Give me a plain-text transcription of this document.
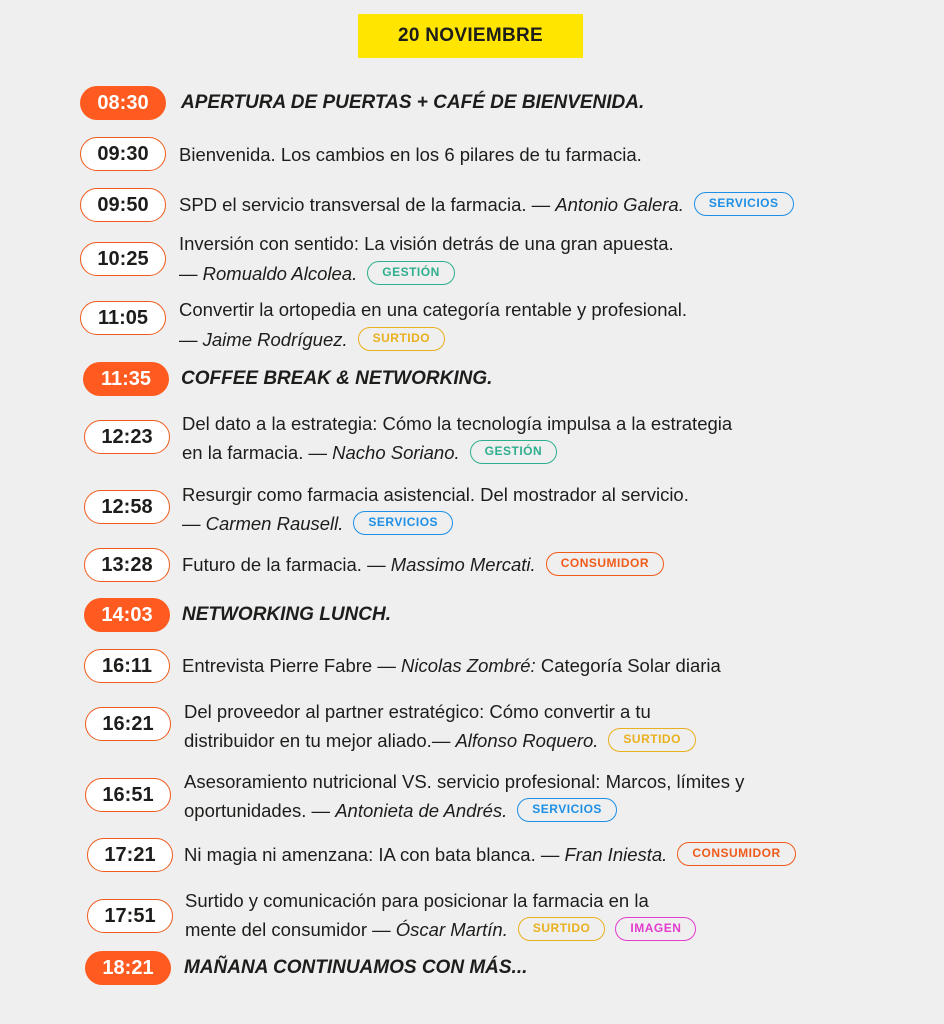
20 NOVIEMBRE
08:30	APERTURA DE PUERTAS + CAFÉ DE BIENVENIDA.
09:30	Bienvenida. Los cambios en los 6 pilares de tu farmacia.
09:50	SPD el servicio transversal de la farmacia. — Antonio Galera. SERVICIOS
10:25
Inversión con sentido: La visión detrás de una gran apuesta.
— Romualdo Alcolea. GESTIÓN
11:05	Convertir la ortopedia en una categoría rentable y profesional.
— Jaime Rodríguez. SURTIDO
11:35	COFFEE BREAK & NETWORKING.
12:23
Del dato a la estrategia: Cómo la tecnología impulsa a la estrategia
en la farmacia. — Nacho Soriano. GESTIÓN
12:58
Resurgir como farmacia asistencial. Del mostrador al servicio.
— Carmen Rausell. SERVICIOS
13:28	Futuro de la farmacia. — Massimo Mercati. CONSUMIDOR
14:03	NETWORKING LUNCH.
16:11	Entrevista Pierre Fabre — Nicolas Zombré: Categoría Solar diaria
16:21
Del proveedor al partner estratégico: Cómo convertir a tu
distribuidor en tu mejor aliado.— Alfonso Roquero. SURTIDO
16:51
Asesoramiento nutricional VS. servicio profesional: Marcos, límites y
oportunidades. — Antonieta de Andrés. SERVICIOS
17:21	Ni magia ni amenzana: IA con bata blanca. — Fran Iniesta. CONSUMIDOR
17:51
Surtido y comunicación para posicionar la farmacia en la
mente del consumidor — Óscar Martín. SURTIDO	IMAGEN
18:21	MAÑANA CONTINUAMOS CON MÁS...
